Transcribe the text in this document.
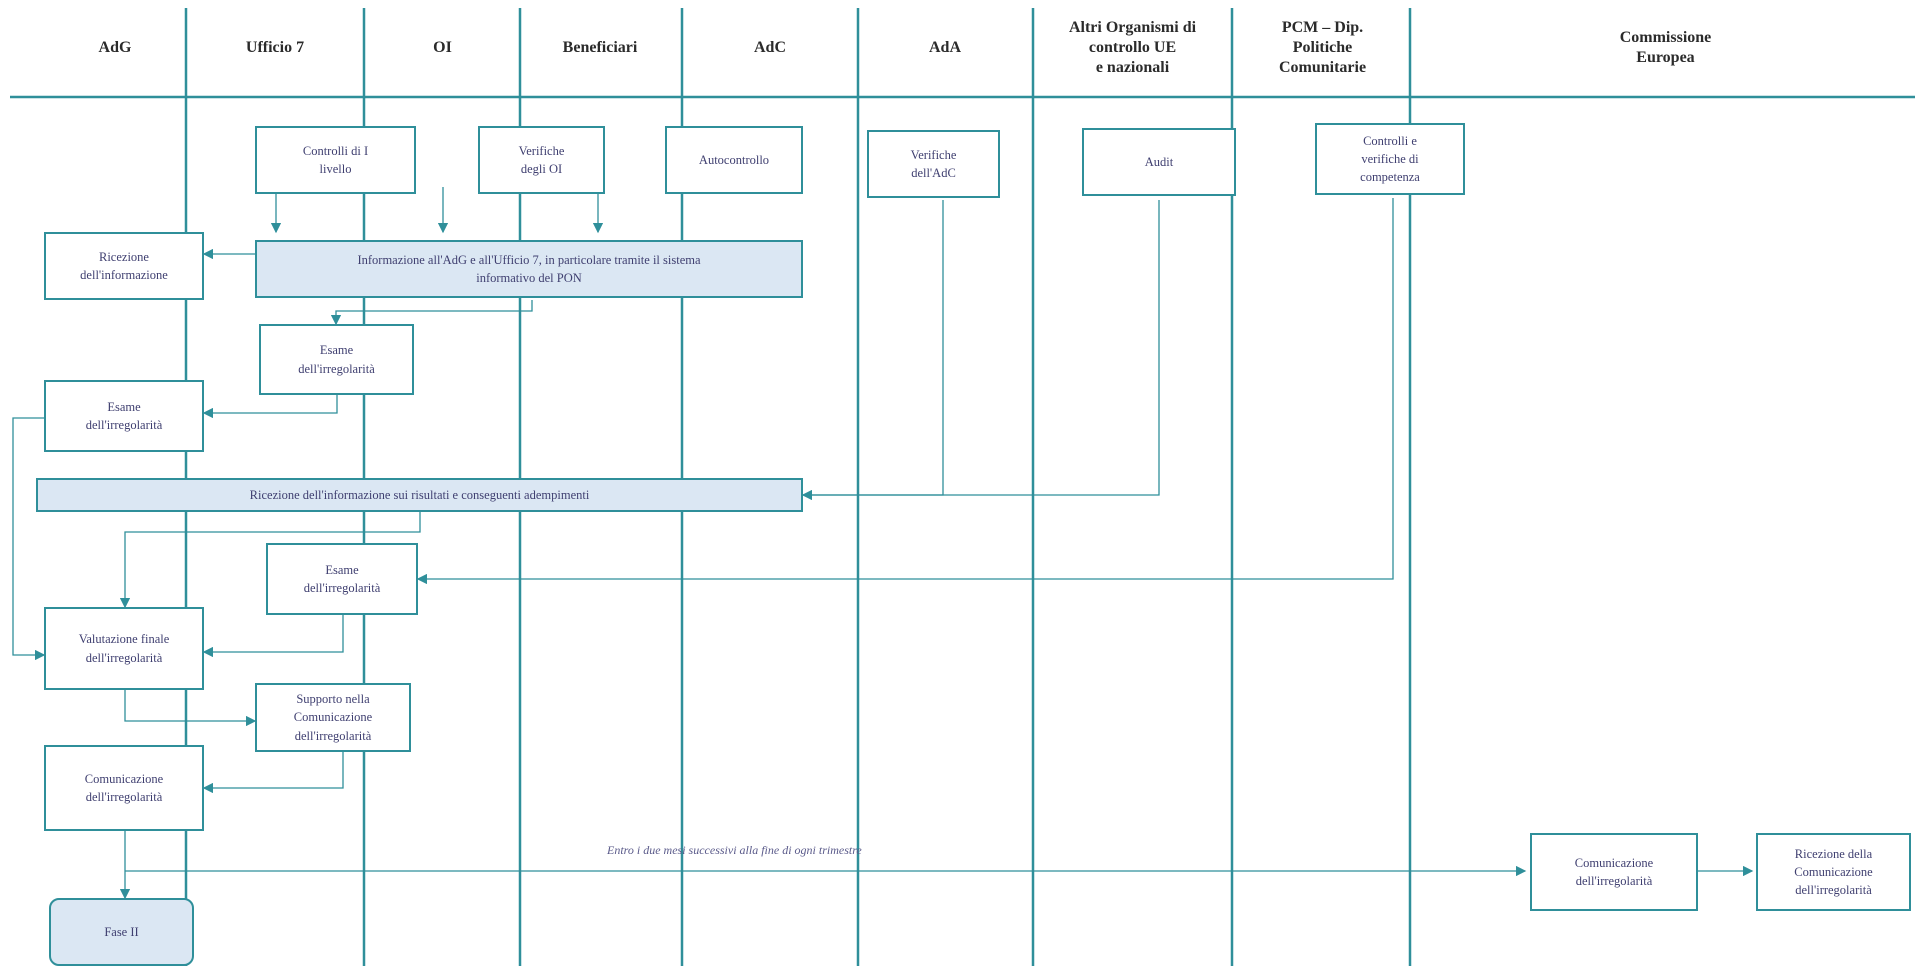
AdG	Ufficio 7	OI	Beneficiari	AdC	AdA
Altri Organismi di
controllo UE
e nazionali
PCM – Dip.
Politiche
Comunitarie
Commissione
Europea
Controlli di I
livello
Verifiche
degli OI
Autocontrollo	Verifiche
dell'AdC
Audit
Controlli e
verifiche di
competenza
Ricezione
dell'informazione
Informazione all'AdG e all'Ufficio 7, in particolare tramite il sistema
informativo del PON
Esame
dell'irregolarità
Esame
dell'irregolarità
Ricezione dell'informazione sui risultati e conseguenti adempimenti
Esame
dell'irregolarità
Valutazione finale
dell'irregolarità
Supporto nella
Comunicazione
dell'irregolarità
Comunicazione
dell'irregolarità
Fase II
Comunicazione
dell'irregolarità
Ricezione della
Comunicazione
dell'irregolarità
Entro i due mesi successivi alla fine di ogni trimestre
